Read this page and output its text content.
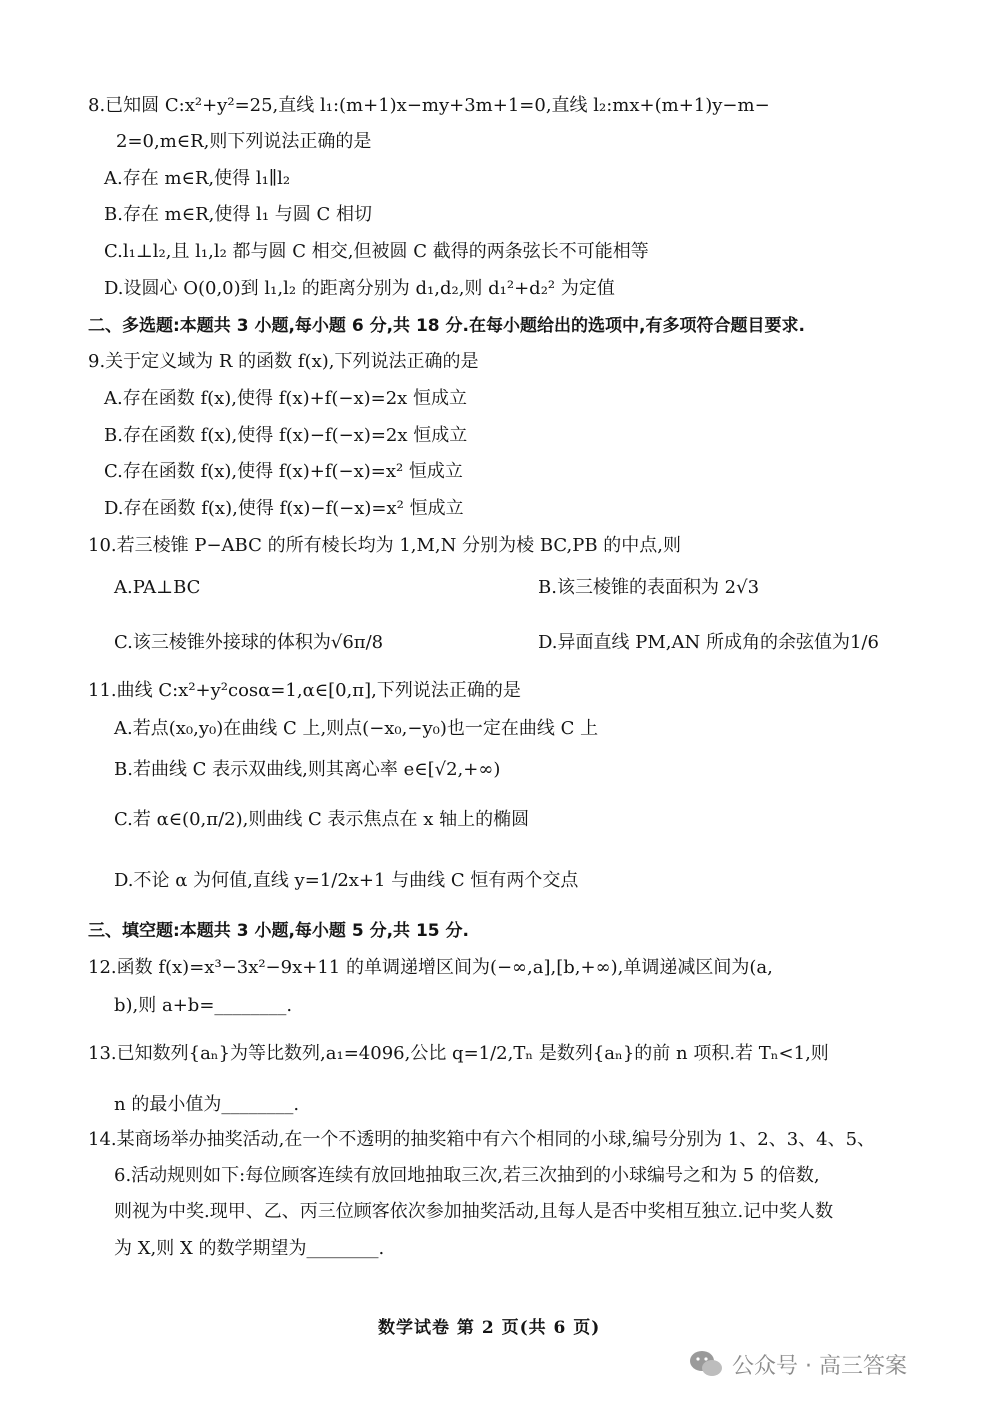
8.已知圆 C:x²+y²=25,直线 l₁:(m+1)x−my+3m+1=0,直线 l₂:mx+(m+1)y−m−
2=0,m∈R,则下列说法正确的是
A.存在 m∈R,使得 l₁∥l₂
B.存在 m∈R,使得 l₁ 与圆 C 相切
C.l₁⊥l₂,且 l₁,l₂ 都与圆 C 相交,但被圆 C 截得的两条弦长不可能相等
D.设圆心 O(0,0)到 l₁,l₂ 的距离分别为 d₁,d₂,则 d₁²+d₂² 为定值
二、多选题:本题共 3 小题,每小题 6 分,共 18 分.在每小题给出的选项中,有多项符合题目要求.
9.关于定义域为 R 的函数 f(x),下列说法正确的是
A.存在函数 f(x),使得 f(x)+f(−x)=2x 恒成立
B.存在函数 f(x),使得 f(x)−f(−x)=2x 恒成立
C.存在函数 f(x),使得 f(x)+f(−x)=x² 恒成立
D.存在函数 f(x),使得 f(x)−f(−x)=x² 恒成立
10.若三棱锥 P−ABC 的所有棱长均为 1,M,N 分别为棱 BC,PB 的中点,则
A.PA⊥BC	B.该三棱锥的表面积为 2√3
C.该三棱锥外接球的体积为√6π/8	D.异面直线 PM,AN 所成角的余弦值为1/6
11.曲线 C:x²+y²cosα=1,α∈[0,π],下列说法正确的是
A.若点(x₀,y₀)在曲线 C 上,则点(−x₀,−y₀)也一定在曲线 C 上
B.若曲线 C 表示双曲线,则其离心率 e∈[√2,+∞)
C.若 α∈(0,π/2),则曲线 C 表示焦点在 x 轴上的椭圆
D.不论 α 为何值,直线 y=1/2x+1 与曲线 C 恒有两个交点
三、填空题:本题共 3 小题,每小题 5 分,共 15 分.
12.函数 f(x)=x³−3x²−9x+11 的单调递增区间为(−∞,a],[b,+∞),单调递减区间为(a,
b),则 a+b=________.
13.已知数列{aₙ}为等比数列,a₁=4096,公比 q=1/2,Tₙ 是数列{aₙ}的前 n 项积.若 Tₙ<1,则
n 的最小值为________.
14.某商场举办抽奖活动,在一个不透明的抽奖箱中有六个相同的小球,编号分别为 1、2、3、4、5、
6.活动规则如下:每位顾客连续有放回地抽取三次,若三次抽到的小球编号之和为 5 的倍数,
则视为中奖.现甲、乙、丙三位顾客依次参加抽奖活动,且每人是否中奖相互独立.记中奖人数
为 X,则 X 的数学期望为________.
数学试卷 第 2 页(共 6 页)
公众号 · 高三答案
